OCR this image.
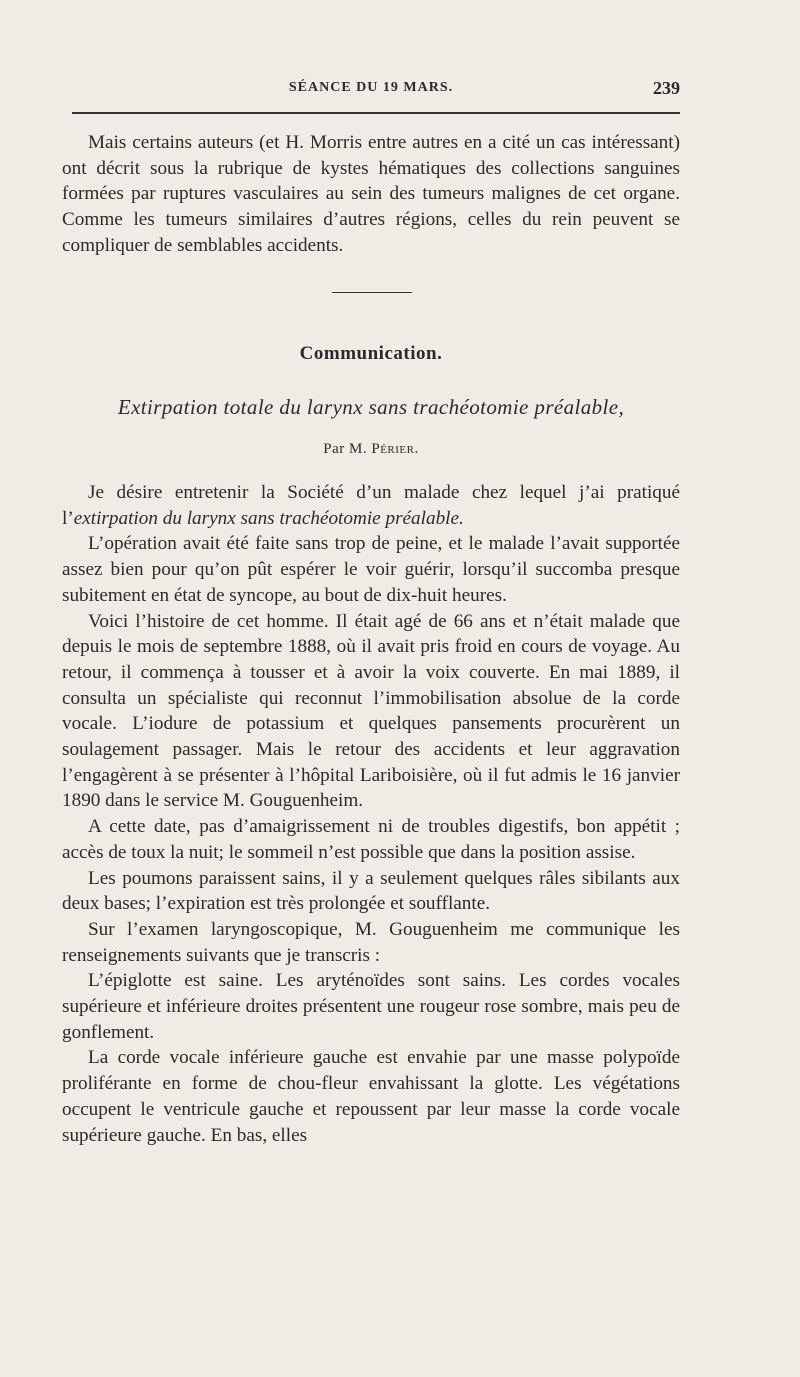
SÉANCE DU 19 MARS.	239

Mais certains auteurs (et H. Morris entre autres en a cité un cas intéressant) ont décrit sous la rubrique de kystes hématiques des collections sanguines formées par ruptures vasculaires au sein des tumeurs malignes de cet organe. Comme les tumeurs similaires d’autres régions, celles du rein peuvent se compliquer de semblables accidents.

Communication.
Extirpation totale du larynx sans trachéotomie préalable,
Par M. Périer.

Je désire entretenir la Société d’un malade chez lequel j’ai pratiqué l’extirpation du larynx sans trachéotomie préalable.

L’opération avait été faite sans trop de peine, et le malade l’avait supportée assez bien pour qu’on pût espérer le voir guérir, lorsqu’il succomba presque subitement en état de syncope, au bout de dix-huit heures.

Voici l’histoire de cet homme. Il était agé de 66 ans et n’était malade que depuis le mois de septembre 1888, où il avait pris froid en cours de voyage. Au retour, il commença à tousser et à avoir la voix couverte. En mai 1889, il consulta un spécialiste qui reconnut l’immobilisation absolue de la corde vocale. L’iodure de potassium et quelques pansements procurèrent un soulagement passager. Mais le retour des accidents et leur aggravation l’engagèrent à se présenter à l’hôpital Lariboisière, où il fut admis le 16 janvier 1890 dans le service M. Gouguenheim.

A cette date, pas d’amaigrissement ni de troubles digestifs, bon appétit ; accès de toux la nuit; le sommeil n’est possible que dans la position assise.

Les poumons paraissent sains, il y a seulement quelques râles sibilants aux deux bases; l’expiration est très prolongée et soufflante.

Sur l’examen laryngoscopique, M. Gouguenheim me communique les renseignements suivants que je transcris :

L’épiglotte est saine. Les aryténoïdes sont sains. Les cordes vocales supérieure et inférieure droites présentent une rougeur rose sombre, mais peu de gonflement.

La corde vocale inférieure gauche est envahie par une masse polypoïde proliférante en forme de chou-fleur envahissant la glotte. Les végétations occupent le ventricule gauche et repoussent par leur masse la corde vocale supérieure gauche. En bas, elles
